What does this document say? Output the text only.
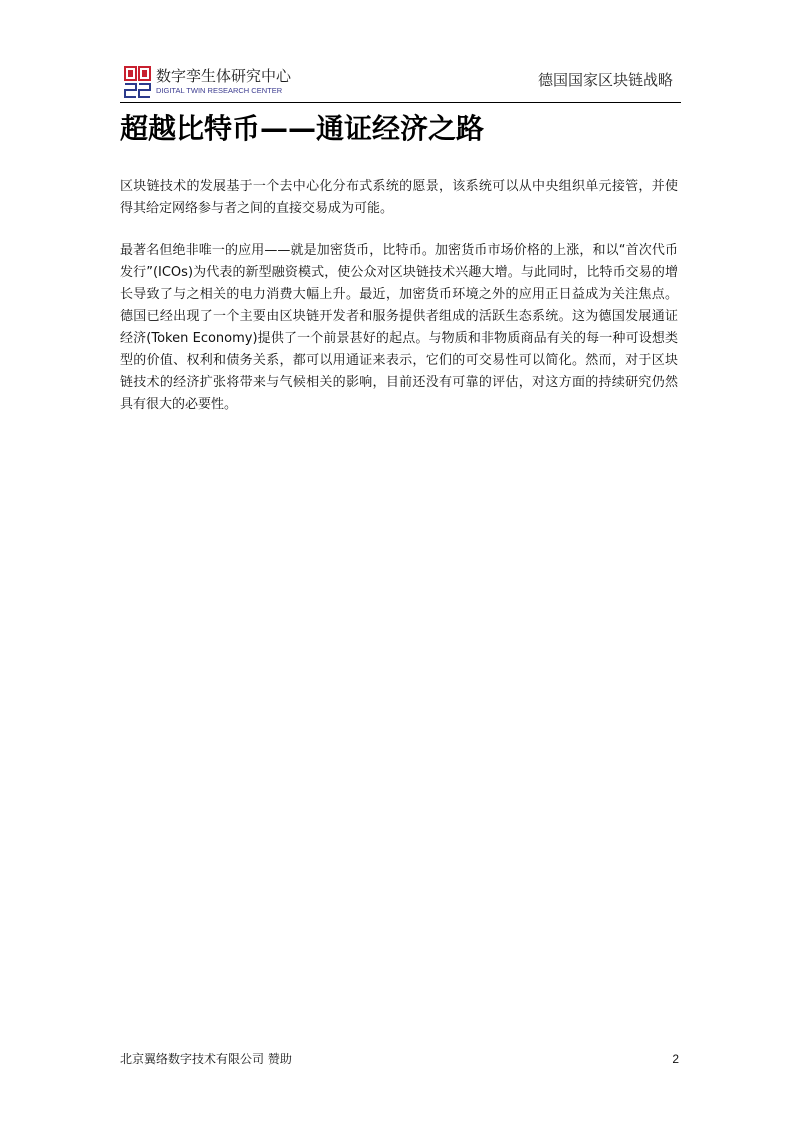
数字孪生体研究中心
DIGITAL TWIN RESEARCH CENTER
德国国家区块链战略
超越比特币——通证经济之路

区块链技术的发展基于一个去中心化分布式系统的愿景，该系统可以从中央组织单元接管，并使得其给定网络参与者之间的直接交易成为可能。

最著名但绝非唯一的应用——就是加密货币，比特币。加密货币市场价格的上涨，和以“首次代币发行”(ICOs)为代表的新型融资模式，使公众对区块链技术兴趣大增。与此同时，比特币交易的增长导致了与之相关的电力消费大幅上升。最近，加密货币环境之外的应用正日益成为关注焦点。德国已经出现了一个主要由区块链开发者和服务提供者组成的活跃生态系统。这为德国发展通证经济(Token Economy)提供了一个前景甚好的起点。与物质和非物质商品有关的每一种可设想类型的价值、权利和债务关系，都可以用通证来表示，它们的可交易性可以简化。然而，对于区块链技术的经济扩张将带来与气候相关的影响，目前还没有可靠的评估，对这方面的持续研究仍然具有很大的必要性。

北京翼络数字技术有限公司 赞助	2
